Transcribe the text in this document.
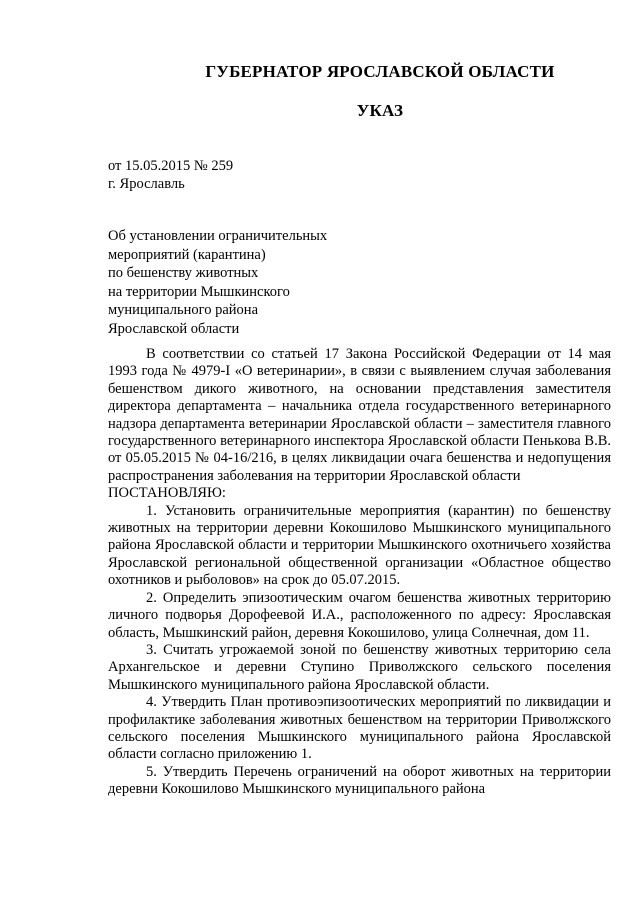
ГУБЕРНАТОР ЯРОСЛАВСКОЙ ОБЛАСТИ
УКАЗ
от 15.05.2015 № 259
г. Ярославль
Об установлении ограничительных
мероприятий (карантина)
по бешенству животных
на территории Мышкинского
муниципального района
Ярославской области

В соответствии со статьей 17 Закона Российской Федерации от 14 мая 1993 года № 4979-I «О ветеринарии», в связи с выявлением случая заболевания бешенством дикого животного, на основании представления заместителя директора департамента – начальника отдела государственного ветеринарного надзора департамента ветеринарии Ярославской области – заместителя главного государственного ветеринарного инспектора Ярославской области Пенькова В.В. от 05.05.2015 № 04-16/216, в целях ликвидации очага бешенства и недопущения распространения заболевания на территории Ярославской области

ПОСТАНОВЛЯЮ:

1. Установить ограничительные мероприятия (карантин) по бешенству животных на территории деревни Кокошилово Мышкинского муниципального района Ярославской области и территории Мышкинского охотничьего хозяйства Ярославской региональной общественной организации «Областное общество охотников и рыболовов» на срок до 05.07.2015.

2. Определить эпизоотическим очагом бешенства животных территорию личного подворья Дорофеевой И.А., расположенного по адресу: Ярославская область, Мышкинский район, деревня Кокошилово, улица Солнечная, дом 11.

3. Считать угрожаемой зоной по бешенству животных территорию села Архангельское и деревни Ступино Приволжского сельского поселения Мышкинского муниципального района Ярославской области.

4. Утвердить План противоэпизоотических мероприятий по ликвидации и профилактике заболевания животных бешенством на территории Приволжского сельского поселения Мышкинского муниципального района Ярославской области согласно приложению 1.

5. Утвердить Перечень ограничений на оборот животных на территории деревни Кокошилово Мышкинского муниципального района
